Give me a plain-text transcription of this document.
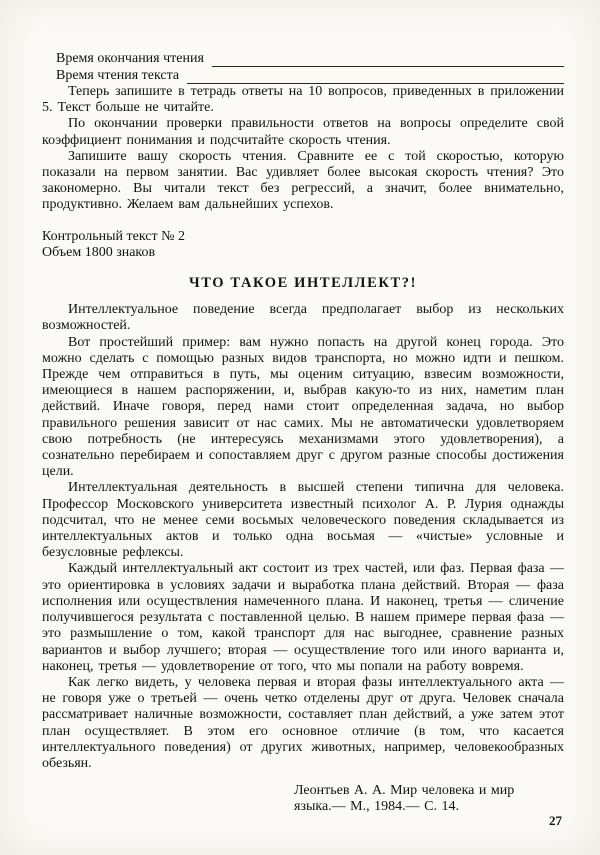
Время окончания чтения
Время чтения текста

Теперь запишите в тетрадь ответы на 10 вопросов, приведенных в приложении 5. Текст больше не читайте.

По окончании проверки правильности ответов на вопросы определите свой коэффициент понимания и подсчитайте скорость чтения.

Запишите вашу скорость чтения. Сравните ее с той скоростью, которую показали на первом занятии. Вас удивляет более высокая скорость чтения? Это закономерно. Вы читали текст без регрессий, а значит, более внимательно, продуктивно. Желаем вам дальнейших успехов.

Контрольный текст № 2
Объем 1800 знаков
ЧТО ТАКОЕ ИНТЕЛЛЕКТ?!

Интеллектуальное поведение всегда предполагает выбор из нескольких возможностей.

Вот простейший пример: вам нужно попасть на другой конец города. Это можно сделать с помощью разных видов транспорта, но можно идти и пешком. Прежде чем отправиться в путь, мы оценим ситуацию, взвесим возможности, имеющиеся в нашем распоряжении, и, выбрав какую-то из них, наметим план действий. Иначе говоря, перед нами стоит определенная задача, но выбор правильного решения зависит от нас самих. Мы не автоматически удовлетворяем свою потребность (не интересуясь механизмами этого удовлетворения), а сознательно перебираем и сопоставляем друг с другом разные способы достижения цели.

Интеллектуальная деятельность в высшей степени типична для человека. Профессор Московского университета известный психолог А. Р. Лурия однажды подсчитал, что не менее семи восьмых человеческого поведения складывается из интеллектуальных актов и только одна восьмая — «чистые» условные и безусловные рефлексы.

Каждый интеллектуальный акт состоит из трех частей, или фаз. Первая фаза — это ориентировка в условиях задачи и выработка плана действий. Вторая — фаза исполнения или осуществления намеченного плана. И наконец, третья — сличение получившегося результата с поставленной целью. В нашем примере первая фаза — это размышление о том, какой транспорт для нас выгоднее, сравнение разных вариантов и выбор лучшего; вторая — осуществление того или иного варианта и, наконец, третья — удовлетворение от того, что мы попали на работу вовремя.

Как легко видеть, у человека первая и вторая фазы интеллектуального акта — не говоря уже о третьей — очень четко отделены друг от друга. Человек сначала рассматривает наличные возможности, составляет план действий, а уже затем этот план осуществляет. В этом его основное отличие (в том, что касается интеллектуального поведения) от других животных, например, человекообразных обезьян.

Леонтьев А. А. Мир человека и мир языка.— М., 1984.— С. 14.
27
